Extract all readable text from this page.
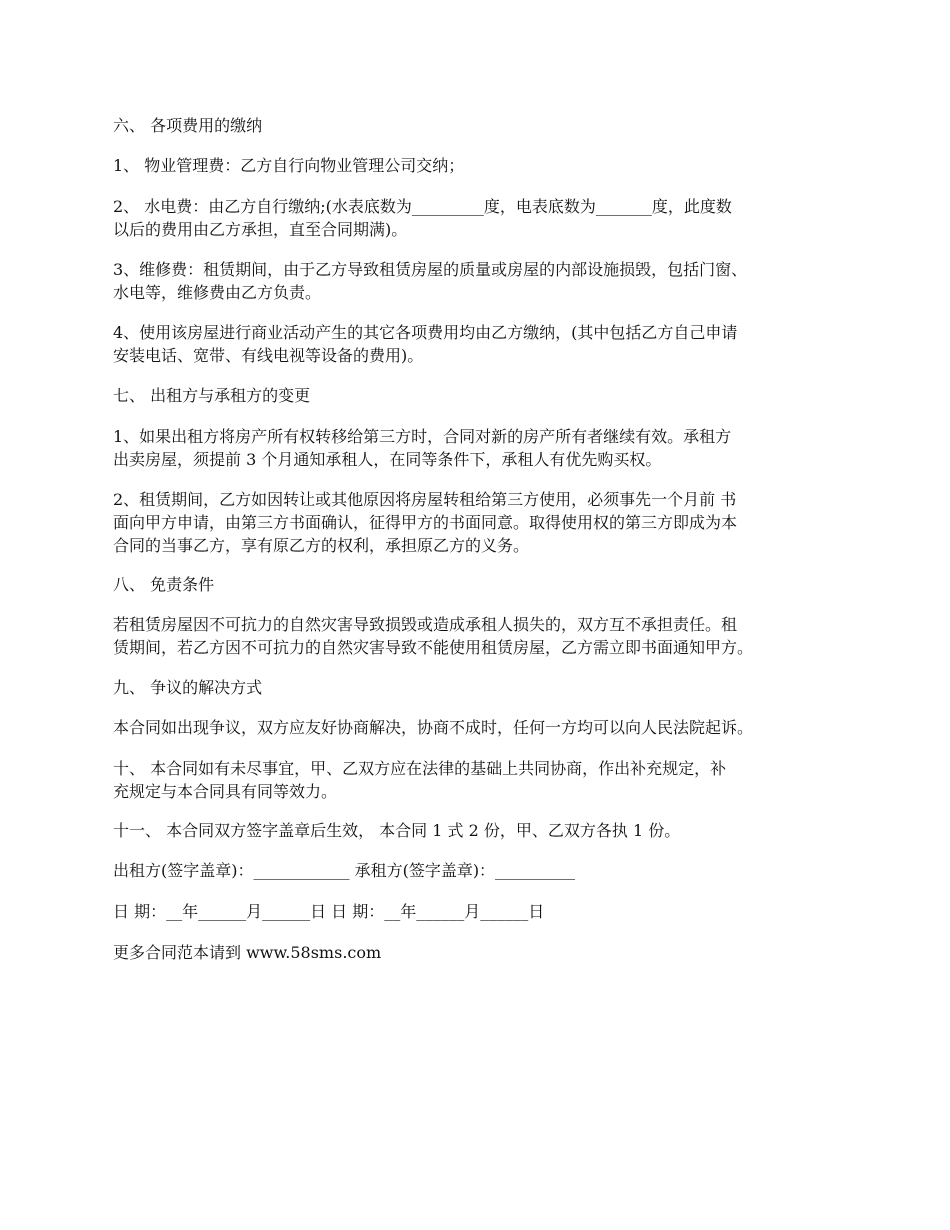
六、 各项费用的缴纳
1、 物业管理费：乙方自行向物业管理公司交纳；
2、 水电费：由乙方自行缴纳;(水表底数为_________度，电表底数为_______度，此度数
以后的费用由乙方承担，直至合同期满)。
3、维修费：租赁期间，由于乙方导致租赁房屋的质量或房屋的内部设施损毁，包括门窗、
水电等，维修费由乙方负责。
4、使用该房屋进行商业活动产生的其它各项费用均由乙方缴纳，(其中包括乙方自己申请
安装电话、宽带、有线电视等设备的费用)。
七、 出租方与承租方的变更
1、如果出租方将房产所有权转移给第三方时，合同对新的房产所有者继续有效。承租方
出卖房屋，须提前 3 个月通知承租人，在同等条件下，承租人有优先购买权。
2、租赁期间，乙方如因转让或其他原因将房屋转租给第三方使用，必须事先一个月前 书
面向甲方申请，由第三方书面确认，征得甲方的书面同意。取得使用权的第三方即成为本
合同的当事乙方，享有原乙方的权利，承担原乙方的义务。
八、 免责条件
若租赁房屋因不可抗力的自然灾害导致损毁或造成承租人损失的，双方互不承担责任。租
赁期间，若乙方因不可抗力的自然灾害导致不能使用租赁房屋，乙方需立即书面通知甲方。
九、 争议的解决方式
本合同如出现争议，双方应友好协商解决，协商不成时，任何一方均可以向人民法院起诉。
十、 本合同如有未尽事宜，甲、乙双方应在法律的基础上共同协商，作出补充规定，补
充规定与本合同具有同等效力。
十一、 本合同双方签字盖章后生效， 本合同 1 式 2 份，甲、乙双方各执 1 份。
出租方(签字盖章)：____________ 承租方(签字盖章)：__________
日 期：__年______月______日 日 期：__年______月______日
更多合同范本请到 www.58sms.com
